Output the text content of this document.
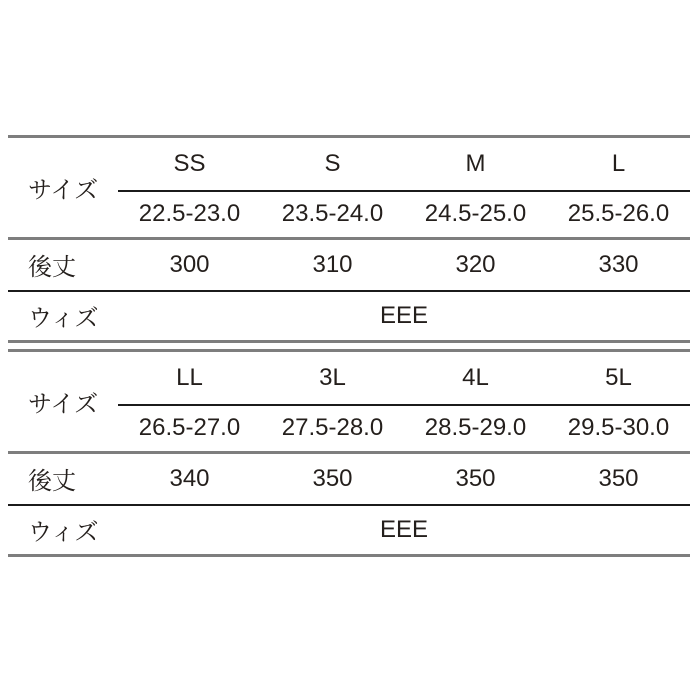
サイズ	SS	S	M	L
	22.5-23.0	23.5-24.0	24.5-25.0	25.5-26.0
後丈	300	310	320	330
ウィズ	EEE			
サイズ	LL	3L	4L	5L
	26.5-27.0	27.5-28.0	28.5-29.0	29.5-30.0
後丈	340	350	350	350
ウィズ	EEE			
